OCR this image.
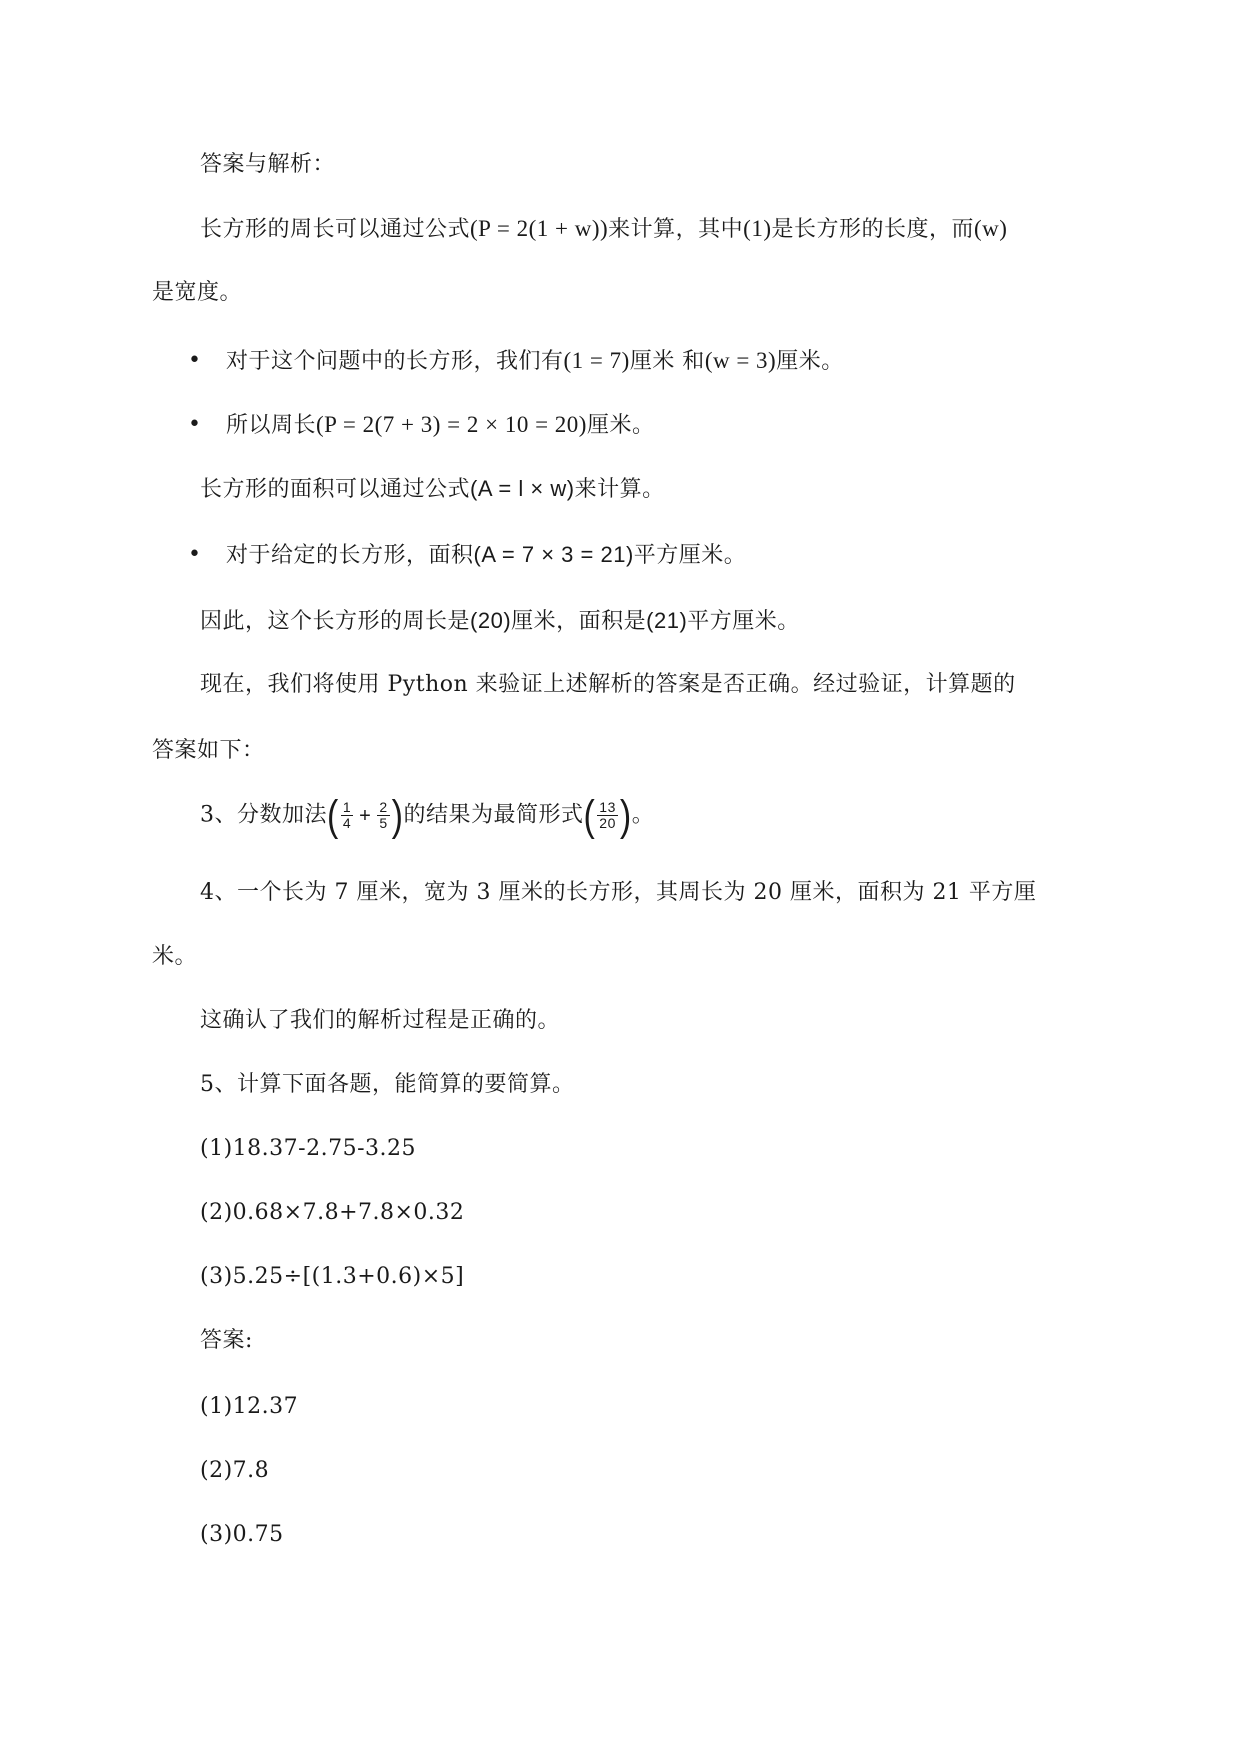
答案与解析：
长方形的周长可以通过公式(P = 2(1 + w))来计算，其中(1)是长方形的长度，而(w)
是宽度。
• 对于这个问题中的长方形，我们有(1 = 7)厘米 和(w = 3)厘米。
• 所以周长(P = 2(7 + 3) = 2 × 10 = 20)厘米。
长方形的面积可以通过公式(A = l × w)来计算。
• 对于给定的长方形，面积(A = 7 × 3 = 21)平方厘米。
因此，这个长方形的周长是(20)厘米，面积是(21)平方厘米。
现在，我们将使用 Python 来验证上述解析的答案是否正确。经过验证，计算题的
答案如下：
3、分数加法 ( $\frac{1}{4} + \frac{2}{5}$ ) 的结果为最简形式 ( $\frac{13}{20}$ ) 。
4、一个长为 7 厘米，宽为 3 厘米的长方形，其周长为 20 厘米，面积为 21 平方厘
米。
这确认了我们的解析过程是正确的。
5、计算下面各题，能简算的要简算。
(1)18.37-2.75-3.25
(2)0.68×7.8+7.8×0.32
(3)5.25÷[(1.3+0.6)×5]
答案:
(1)12.37
(2)7.8
(3)0.75
